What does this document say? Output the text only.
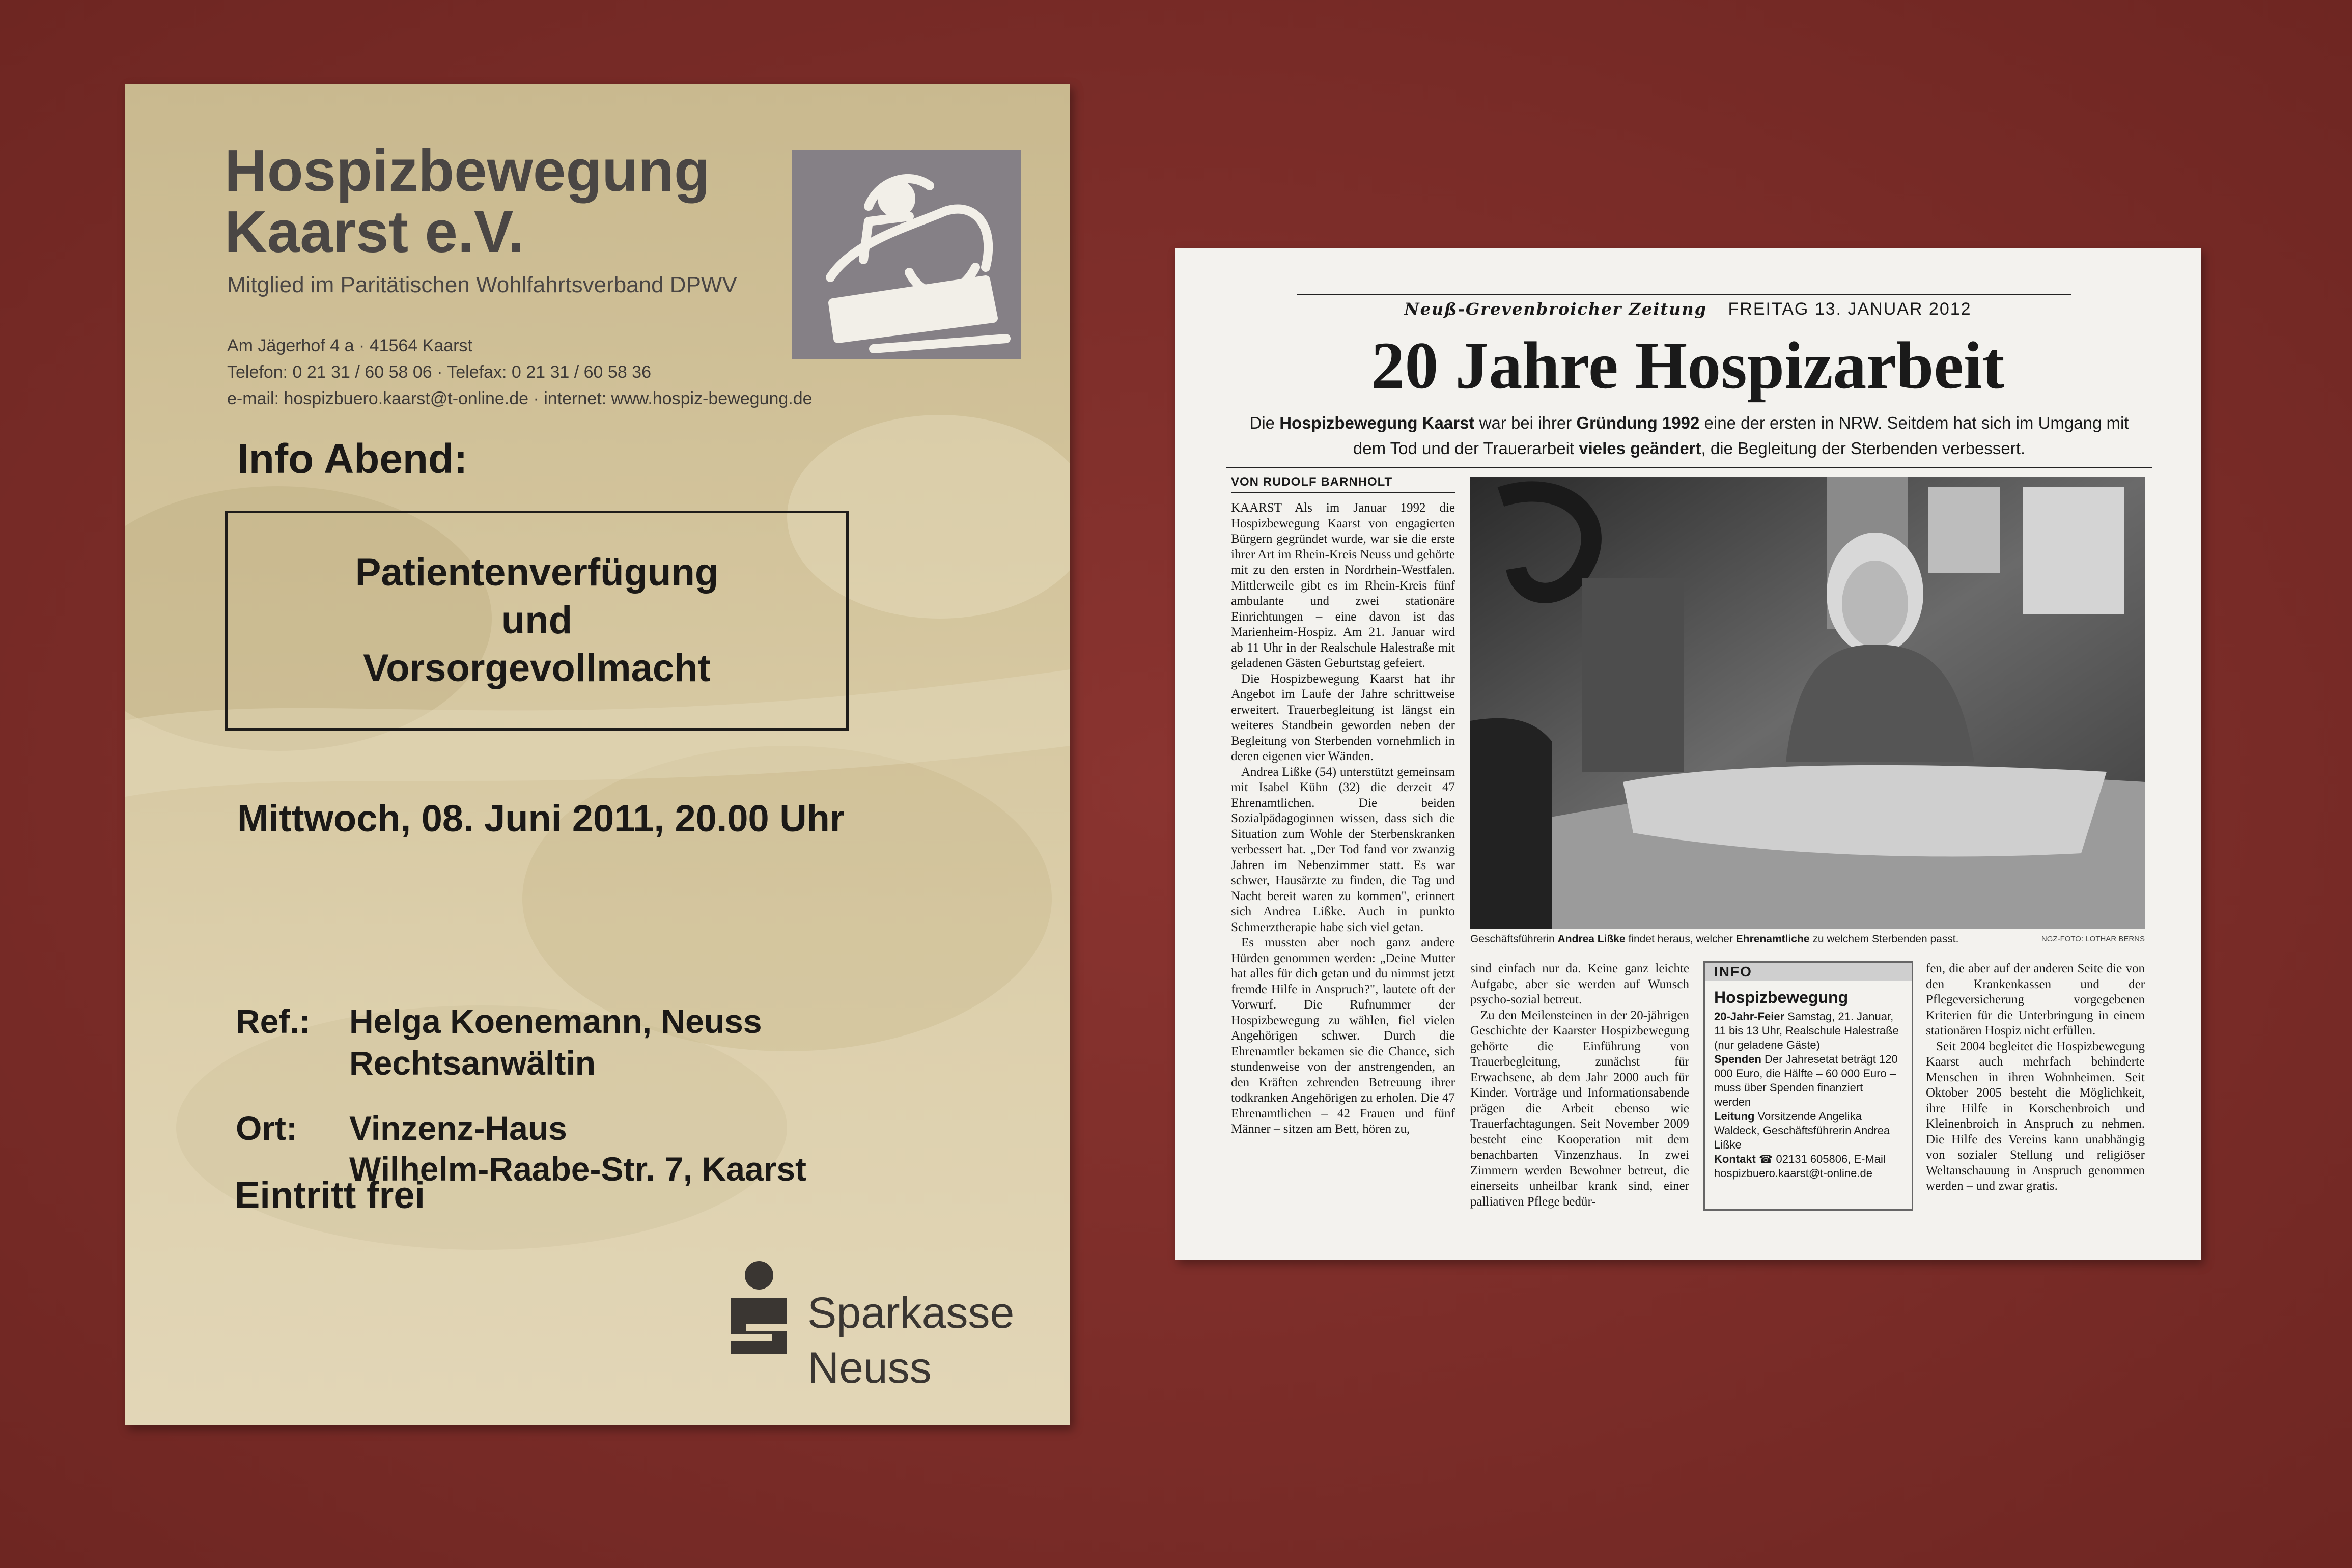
Hospizbewegung
Kaarst e.V.
Mitglied im Paritätischen Wohlfahrtsverband DPWV
Am Jägerhof 4 a · 41564 Kaarst
Telefon: 0 21 31 / 60 58 06 · Telefax: 0 21 31 / 60 58 36
e-mail: hospizbuero.kaarst@t-online.de · internet: www.hospiz-bewegung.de
Info Abend:
Patientenverfügung
und
Vorsorgevollmacht
Mittwoch, 08. Juni 2011, 20.00 Uhr
Ref.: Helga Koenemann, Neuss
Rechtsanwältin
Ort: Vinzenz-Haus
Wilhelm-Raabe-Str. 7, Kaarst
Eintritt frei
Sparkasse
Neuss
Neuß-Grevenbroicher Zeitung FREITAG 13. JANUAR 2012
20 Jahre Hospizarbeit
Die Hospizbewegung Kaarst war bei ihrer Gründung 1992 eine der ersten in NRW. Seitdem hat sich im Umgang mit dem Tod und der Trauerarbeit vieles geändert, die Begleitung der Sterbenden verbessert.
VON RUDOLF BARNHOLT

KAARST Als im Januar 1992 die Hospizbewegung Kaarst von engagierten Bürgern gegründet wurde, war sie die erste ihrer Art im Rhein-Kreis Neuss und gehörte mit zu den ersten in Nordrhein-Westfalen. Mittlerweile gibt es im Rhein-Kreis fünf ambulante und zwei stationäre Einrichtungen – eine davon ist das Marienheim-Hospiz. Am 21. Januar wird ab 11 Uhr in der Realschule Halestraße mit geladenen Gästen Geburtstag gefeiert.

Die Hospizbewegung Kaarst hat ihr Angebot im Laufe der Jahre schrittweise erweitert. Trauerbegleitung ist längst ein weiteres Standbein geworden neben der Begleitung von Sterbenden vornehmlich in deren eigenen vier Wänden.

Andrea Lißke (54) unterstützt gemeinsam mit Isabel Kühn (32) die derzeit 47 Ehrenamtlichen. Die beiden Sozialpädagoginnen wissen, dass sich die Situation zum Wohle der Sterbenskranken verbessert hat. „Der Tod fand vor zwanzig Jahren im Nebenzimmer statt. Es war schwer, Hausärzte zu finden, die Tag und Nacht bereit waren zu kommen", erinnert sich Andrea Lißke. Auch in punkto Schmerztherapie habe sich viel getan.

Es mussten aber noch ganz andere Hürden genommen werden: „Deine Mutter hat alles für dich getan und du nimmst jetzt fremde Hilfe in Anspruch?", lautete oft der Vorwurf. Die Rufnummer der Hospizbewegung zu wählen, fiel vielen Angehörigen schwer. Durch die Ehrenamtler bekamen sie die Chance, sich stundenweise von der anstrengenden, an den Kräften zehrenden Betreuung ihrer todkranken Angehörigen zu erholen. Die 47 Ehrenamtlichen – 42 Frauen und fünf Männer – sitzen am Bett, hören zu,

Geschäftsführerin Andrea Lißke findet heraus, welcher Ehrenamtliche zu welchem Sterbenden passt.	NGZ-FOTO: LOTHAR BERNS

sind einfach nur da. Keine ganz leichte Aufgabe, aber sie werden auf Wunsch psycho-sozial betreut.

Zu den Meilensteinen in der 20-jährigen Geschichte der Kaarster Hospizbewegung gehörte die Einführung von Trauerbegleitung, zunächst für Erwachsene, ab dem Jahr 2000 auch für Kinder. Vorträge und Informationsabende prägen die Arbeit ebenso wie Trauerfachtagungen. Seit November 2009 besteht eine Kooperation mit dem benachbarten Vinzenzhaus. In zwei Zimmern werden Bewohner betreut, die einerseits unheilbar krank sind, einer palliativen Pflege bedür-

INFO
Hospizbewegung

20-Jahr-Feier Samstag, 21. Januar, 11 bis 13 Uhr, Realschule Halestraße (nur geladene Gäste)

Spenden Der Jahresetat beträgt 120 000 Euro, die Hälfte – 60 000 Euro – muss über Spenden finanziert werden

Leitung Vorsitzende Angelika Waldeck, Geschäftsführerin Andrea Lißke

Kontakt ☎ 02131 605806, E-Mail hospizbuero.kaarst@t-online.de

fen, die aber auf der anderen Seite die von den Krankenkassen und der Pflegeversicherung vorgegebenen Kriterien für die Unterbringung in einem stationären Hospiz nicht erfüllen.

Seit 2004 begleitet die Hospizbewegung Kaarst auch mehrfach behinderte Menschen in ihren Wohnheimen. Seit Oktober 2005 besteht die Möglichkeit, ihre Hilfe in Korschenbroich und Kleinenbroich in Anspruch zu nehmen. Die Hilfe des Vereins kann unabhängig von sozialer Stellung und religiöser Weltanschauung in Anspruch genommen werden – und zwar gratis.
